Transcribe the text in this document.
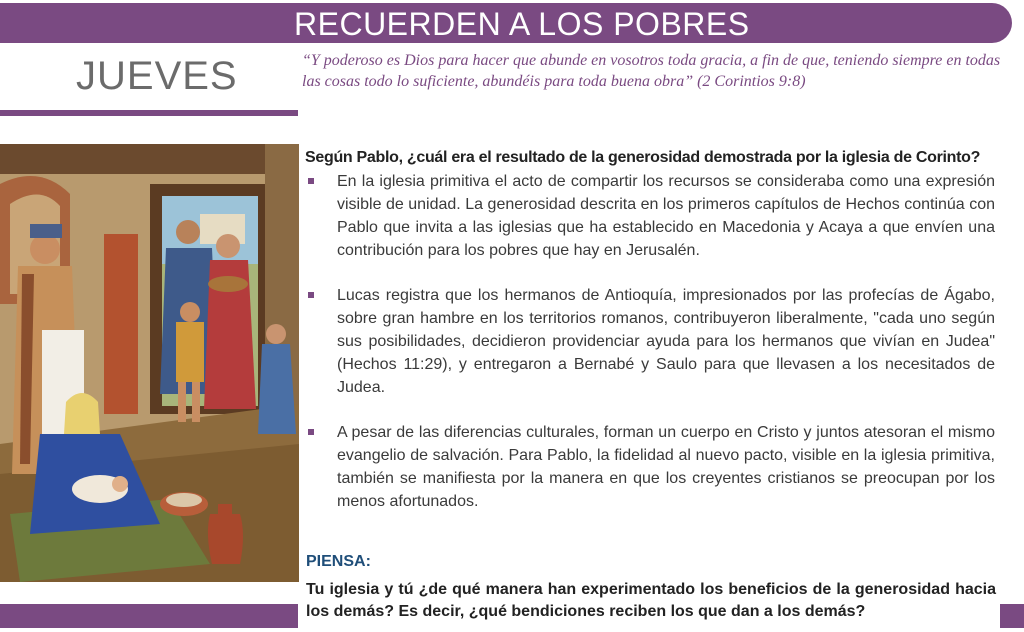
RECUERDEN A LOS POBRES
JUEVES	“Y poderoso es Dios para hacer que abunde en vosotros toda gracia, a fin de que, teniendo siempre en todas las cosas todo lo suficiente, abundéis para toda buena obra” (2 Corintios 9:8)
Según Pablo, ¿cuál era el resultado de la generosidad demostrada por la iglesia de Corinto?
En la iglesia primitiva el acto de compartir los recursos se consideraba como una expresión visible de unidad. La generosidad descrita en los primeros capítulos de Hechos continúa con Pablo que invita a las iglesias que ha establecido en Macedonia y Acaya a que envíen una contribución para los pobres que hay en Jerusalén.
Lucas registra que los hermanos de Antioquía, impresionados por las profecías de Ágabo, sobre gran hambre en los territorios romanos, contribuyeron liberalmente, "cada uno según sus posibilidades, decidieron providenciar ayuda para los hermanos que vivían en Judea" (Hechos 11:29), y entregaron a Bernabé y Saulo para que llevasen a los necesitados de Judea.
A pesar de las diferencias culturales, forman un cuerpo en Cristo y juntos atesoran el mismo evangelio de salvación. Para Pablo, la fidelidad al nuevo pacto, visible en la iglesia primitiva, también se manifiesta por la manera en que los creyentes cristianos se preocupan por los menos afortunados.
PIENSA:
Tu iglesia y tú ¿de qué manera han experimentado los beneficios de la generosidad hacia los demás? Es decir, ¿qué bendiciones reciben los que dan a los demás?
